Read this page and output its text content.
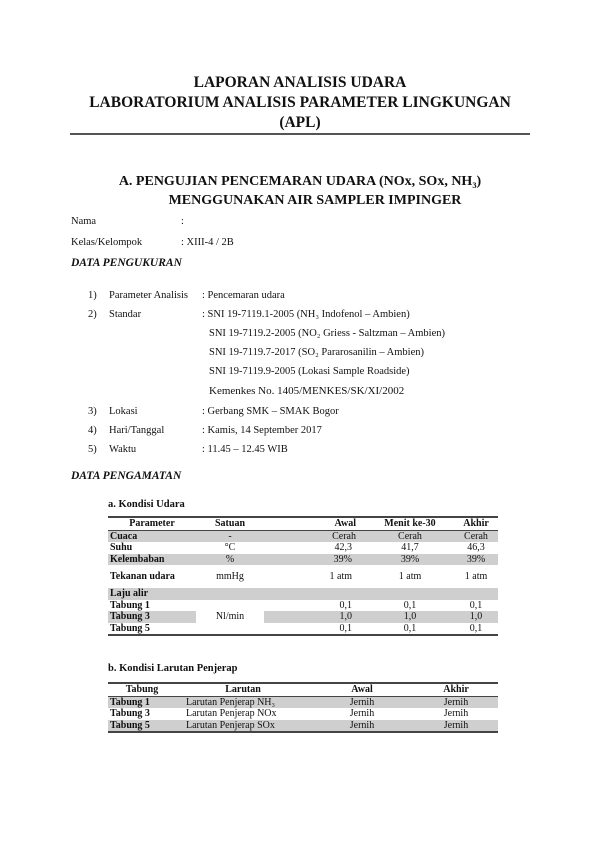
LAPORAN ANALISIS UDARA
LABORATORIUM ANALISIS PARAMETER LINGKUNGAN
(APL)
A. PENGUJIAN PENCEMARAN UDARA (NOx, SOx, NH₃)
MENGGUNAKAN AIR SAMPLER IMPINGER
Nama	:
Kelas/Kelompok	: XIII-4 / 2B
DATA PENGUKURAN
1) Parameter Analisis : Pencemaran udara
2) Standar	: SNI 19-7119.1-2005 (NH₃ Indofenol – Ambien)
SNI 19-7119.2-2005 (NO₂ Griess - Saltzman – Ambien)
SNI 19-7119.7-2017 (SO₂ Pararosanilin – Ambien)
SNI 19-7119.9-2005 (Lokasi Sample Roadside)
Kemenkes No. 1405/MENKES/SK/XI/2002
3) Lokasi	: Gerbang SMK – SMAK Bogor
4) Hari/Tanggal	: Kamis, 14 September 2017
5) Waktu	: 11.45 – 12.45 WIB
DATA PENGAMATAN
a. Kondisi Udara
Parameter	Satuan	Awal	Menit ke-30	Akhir
Cuaca	-	Cerah	Cerah	Cerah
Suhu	°C	42,3	41,7	46,3
Kelembaban	%	39%	39%	39%
Tekanan udara	mmHg	1 atm	1 atm	1 atm
Laju alir				
Tabung 1	Nl/min	0,1	0,1	0,1
Tabung 3		1,0	1,0	1,0
Tabung 5		0,1	0,1	0,1
b. Kondisi Larutan Penjerap
Tabung	Larutan	Awal	Akhir
Tabung 1	Larutan Penjerap NH₃	Jernih	Jernih
Tabung 3	Larutan Penjerap NOx	Jernih	Jernih
Tabung 5	Larutan Penjerap SOx	Jernih	Jernih
